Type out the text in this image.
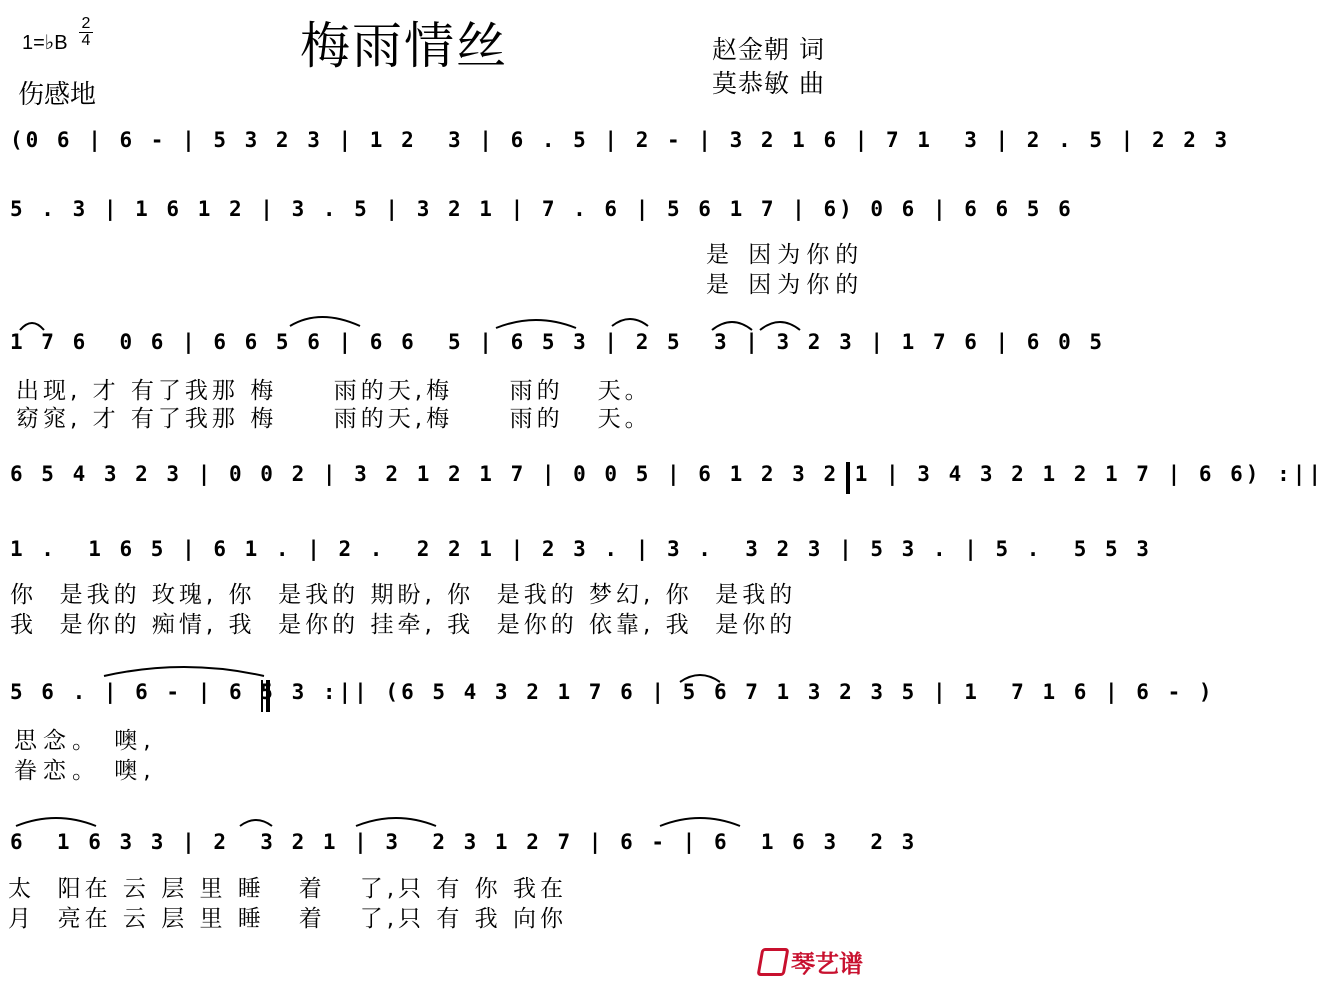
1=♭B
2
4
伤感地
梅雨情丝	赵金朝 词
莫恭敏 曲
(0 6 | 6 - | 5 3 2 3 | 1 2  3 | 6 . 5 | 2 - | 3 2 1 6 | 7 1  3 | 2 . 5 | 2 2 3
5 . 3 | 1 6 1 2 | 3 . 5 | 3 2 1 | 7 . 6 | 5 6 1 7 | 6) 0 6 | 6 6 5 6
是 因为你的
是 因为你的
1 7 6  0 6 | 6 6 5 6 | 6 6  5 | 6 5 3 | 2 5  3 | 3 2 3 | 1 7 6 | 6 0 5
出现, 才 有了我那 梅     雨的天,梅     雨的   天。
窈窕, 才 有了我那 梅     雨的天,梅     雨的   天。
6 5 4 3 2 3 | 0 0 2 | 3 2 1 2 1 7 | 0 0 5 | 6 1 2 3 2 1 | 3 4 3 2 1 2 1 7 | 6 6) :||
1 .  1 6 5 | 6 1 . | 2 .  2 2 1 | 2 3 . | 3 .  3 2 3 | 5 3 . | 5 .  5 5 3
你  是我的 玫瑰, 你  是我的 期盼, 你  是我的 梦幻, 你  是我的
我  是你的 痴情, 我  是你的 挂牵, 我  是你的 依靠, 我  是你的
5 6 . | 6 - | 6 5 3 :|| (6 5 4 3 2 1 7 6 | 5 6 7 1 3 2 3 5 | 1  7 1 6 | 6 - )
思念。 噢,
眷恋。 噢,
6  1 6 3 3 | 2  3 2 1 | 3  2 3 1 2 7 | 6 - | 6  1 6 3  2 3
太  阳在 云 层 里 睡   着   了,只 有 你 我在
月  亮在 云 层 里 睡   着   了,只 有 我 向你
琴艺谱
